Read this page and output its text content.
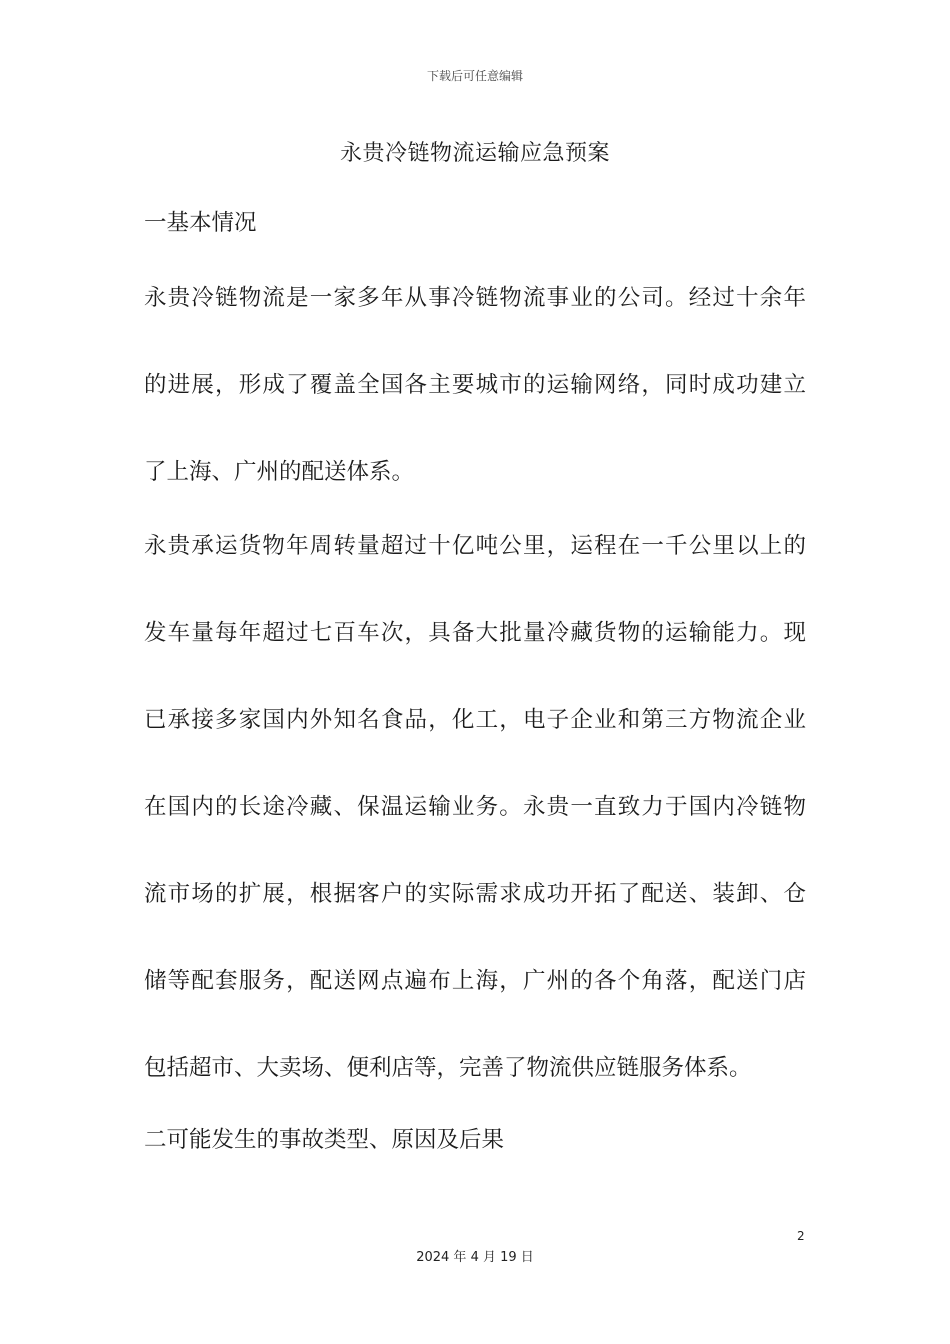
下载后可任意编辑
永贵冷链物流运输应急预案
一基本情况
永贵冷链物流是一家多年从事冷链物流事业的公司。经过十余年
的进展，形成了覆盖全国各主要城市的运输网络，同时成功建立
了上海、广州的配送体系。
永贵承运货物年周转量超过十亿吨公里，运程在一千公里以上的
发车量每年超过七百车次，具备大批量冷藏货物的运输能力。现
已承接多家国内外知名食品，化工，电子企业和第三方物流企业
在国内的长途冷藏、保温运输业务。永贵一直致力于国内冷链物
流市场的扩展，根据客户的实际需求成功开拓了配送、装卸、仓
储等配套服务，配送网点遍布上海，广州的各个角落，配送门店
包括超市、大卖场、便利店等，完善了物流供应链服务体系。
二可能发生的事故类型、原因及后果
2
2024 年 4 月 19 日
